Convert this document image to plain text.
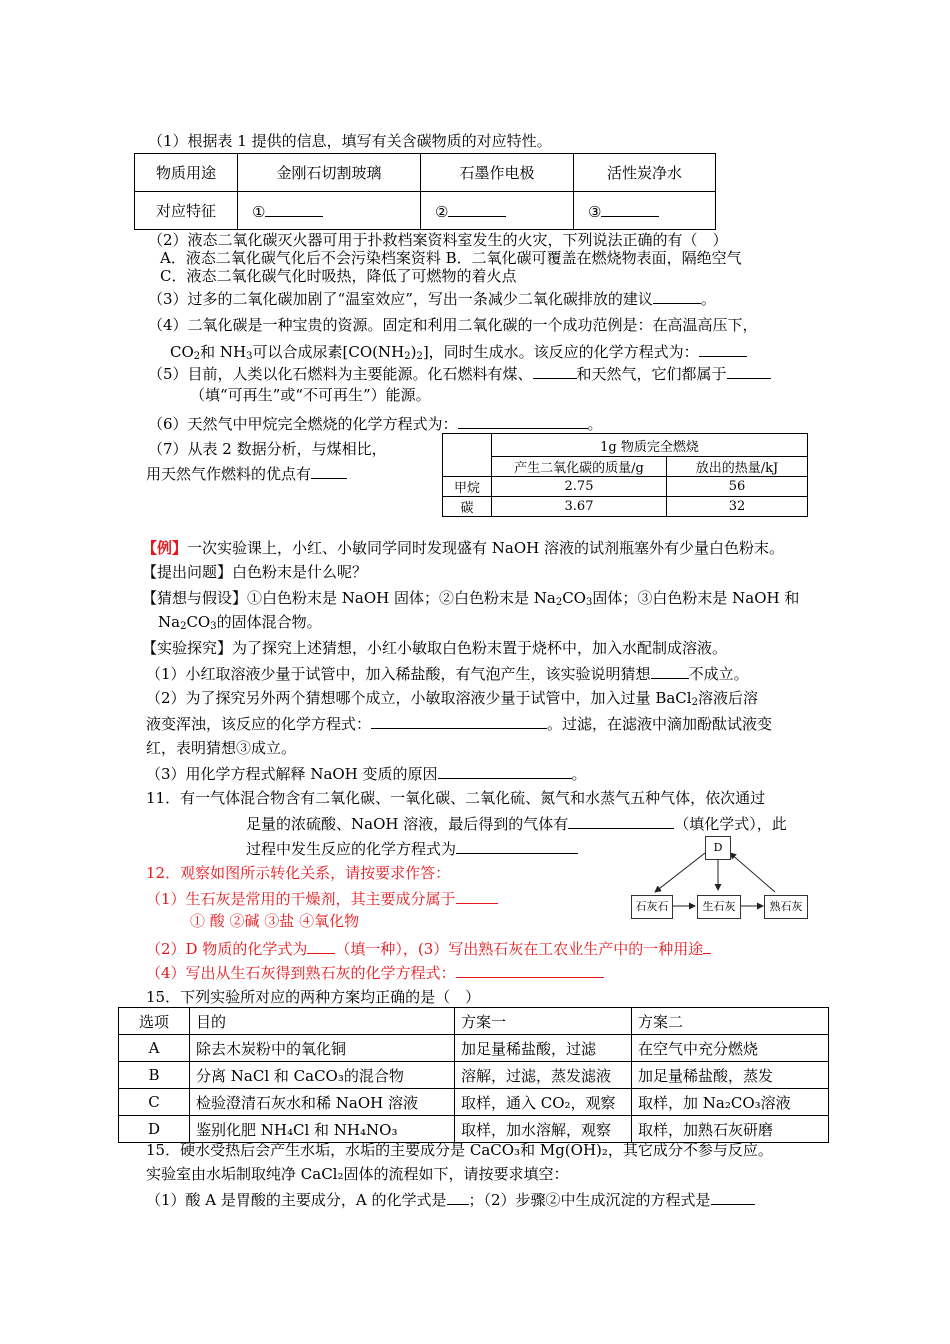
（1）根据表 1 提供的信息，填写有关含碳物质的对应特性。
物质用途	金刚石切割玻璃	石墨作电极	活性炭净水
对应特征	①	②	③
（2）液态二氧化碳灭火器可用于扑救档案资料室发生的火灾，下列说法正确的有（　）
A．液态二氧化碳气化后不会污染档案资料 B．二氧化碳可覆盖在燃烧物表面，隔绝空气
C．液态二氧化碳气化时吸热，降低了可燃物的着火点
（3）过多的二氧化碳加剧了“温室效应”，写出一条减少二氧化碳排放的建议	。
（4）二氧化碳是一种宝贵的资源。固定和利用二氧化碳的一个成功范例是：在高温高压下，
$CO_2$和 $NH_3$可以合成尿素$[CO(NH_2)_2]$，同时生成水。该反应的化学方程式为：
（5）目前，人类以化石燃料为主要能源。化石燃料有煤、	和天然气，它们都属于
（填“可再生”或“不可再生”）能源。
（6）天然气中甲烷完全燃烧的化学方程式为：	。
（7）从表 2 数据分析，与煤相比，
用天然气作燃料的优点有
	1g 物质完全燃烧	
	产生二氧化碳的质量/g	放出的热量/kJ
甲烷	2.75	56
碳	3.67	32
【例】一次实验课上，小红、小敏同学同时发现盛有 NaOH 溶液的试剂瓶塞外有少量白色粉末。
【提出问题】白色粉末是什么呢？
【猜想与假设】①白色粉末是 NaOH 固体；②白色粉末是 $Na_2CO_3$固体；③白色粉末是 NaOH 和
$Na_2CO_3$的固体混合物。
【实验探究】为了探究上述猜想，小红小敏取白色粉末置于烧杯中，加入水配制成溶液。
（1）小红取溶液少量于试管中，加入稀盐酸，有气泡产生，该实验说明猜想	不成立。
（2）为了探究另外两个猜想哪个成立，小敏取溶液少量于试管中，加入过量 BaCl$_2$溶液后溶
液变浑浊，该反应的化学方程式：	。过滤，在滤液中滴加酚酞试液变
红，表明猜想③成立。
（3）用化学方程式解释 NaOH 变质的原因	。
11．有一气体混合物含有二氧化碳、一氧化碳、二氧化硫、氮气和水蒸气五种气体，依次通过
足量的浓硫酸、NaOH 溶液，最后得到的气体有	（填化学式），此
过程中发生反应的化学方程式为
12．观察如图所示转化关系，请按要求作答：
（1）生石灰是常用的干燥剂，其主要成分属于
① 酸 ②碱 ③盐 ④氧化物
（2）D 物质的化学式为 （填一种），(3）写出熟石灰在工农业生产中的一种用途
（4）写出从生石灰得到熟石灰的化学方程式：
D
石灰石	生石灰	熟石灰
15．下列实验所对应的两种方案均正确的是（　）
选项	目的	方案一	方案二
A	除去木炭粉中的氧化铜	加足量稀盐酸，过滤	在空气中充分燃烧
B	分离 NaCl 和 CaCO₃的混合物	溶解，过滤，蒸发滤液	加足量稀盐酸，蒸发
C	检验澄清石灰水和稀 NaOH 溶液	取样，通入 CO₂，观察	取样，加 Na₂CO₃溶液
D	鉴别化肥 NH₄Cl 和 NH₄NO₃	取样，加水溶解，观察	取样，加熟石灰研磨
15．硬水受热后会产生水垢，水垢的主要成分是 CaCO₃和 Mg(OH)₂，其它成分不参与反应。
实验室由水垢制取纯净 CaCl₂固体的流程如下，请按要求填空：
（1）酸 A 是胃酸的主要成分，A 的化学式是 ；（2）步骤②中生成沉淀的方程式是
